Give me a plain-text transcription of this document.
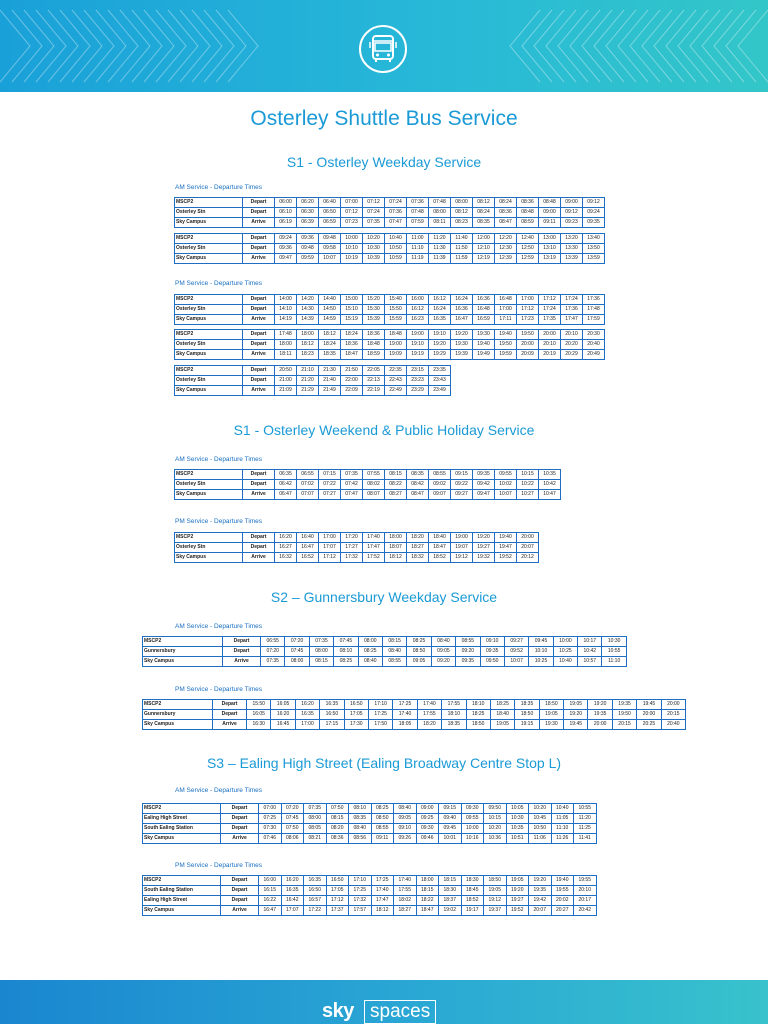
Osterley Shuttle Bus Service
S1 - Osterley Weekday Service
AM Service - Departure Times
MSCP2	Depart	06:00	06:20	06:40	07:00	07:12	07:24	07:36	07:48	08:00	08:12	08:24	08:36	08:48	09:00	09:12
Osterley Stn	Depart	06:10	06:30	06:50	07:12	07:24	07:36	07:48	08:00	08:12	08:24	08:36	08:48	09:00	09:12	09:24
Sky Campus	Arrive	06:19	06:39	06:59	07:23	07:35	07:47	07:59	08:11	08:23	08:35	08:47	08:59	09:11	09:23	09:35
MSCP2	Depart	09:24	09:36	09:48	10:00	10:20	10:40	11:00	11:20	11:40	12:00	12:20	12:40	13:00	13:20	13:40
Osterley Stn	Depart	09:36	09:48	09:58	10:10	10:30	10:50	11:10	11:30	11:50	12:10	12:30	12:50	13:10	13:30	13:50
Sky Campus	Arrive	09:47	09:59	10:07	10:19	10:39	10:59	11:19	11:39	11:59	12:19	12:39	12:59	13:19	13:39	13:59
PM Service - Departure Times
MSCP2	Depart	14:00	14:20	14:40	15:00	15:20	15:40	16:00	16:12	16:24	16:36	16:48	17:00	17:12	17:24	17:36
Osterley Stn	Depart	14:10	14:30	14:50	15:10	15:30	15:50	16:12	16:24	16:36	16:48	17:00	17:12	17:24	17:36	17:48
Sky Campus	Arrive	14:19	14:39	14:59	15:19	15:39	15:59	16:23	16:35	16:47	16:59	17:11	17:23	17:35	17:47	17:59
MSCP2	Depart	17:48	18:00	18:12	18:24	18:36	18:48	19:00	19:10	19:20	19:30	19:40	19:50	20:00	20:10	20:30
Osterley Stn	Depart	18:00	18:12	18:24	18:36	18:48	19:00	19:10	19:20	19:30	19:40	19:50	20:00	20:10	20:20	20:40
Sky Campus	Arrive	18:11	18:23	18:35	18:47	18:59	19:09	19:19	19:29	19:39	19:49	19:59	20:09	20:19	20:29	20:49
MSCP2	Depart	20:50	21:10	21:30	21:50	22:05	22:35	23:15	23:35
Osterley Stn	Depart	21:00	21:20	21:40	22:00	22:13	22:43	23:23	23:43
Sky Campus	Arrive	21:09	21:29	21:49	22:09	22:19	22:49	23:29	23:49
S1 - Osterley Weekend & Public Holiday Service
AM Service - Departure Times
MSCP2	Depart	06:35	06:55	07:15	07:35	07:55	08:15	08:35	08:55	09:15	09:35	09:55	10:15	10:35
Osterley Stn	Depart	06:42	07:02	07:22	07:42	08:02	08:22	08:42	09:02	09:22	09:42	10:02	10:22	10:42
Sky Campus	Arrive	06:47	07:07	07:27	07:47	08:07	08:27	08:47	09:07	09:27	09:47	10:07	10:27	10:47
PM Service - Departure Times
MSCP2	Depart	16:20	16:40	17:00	17:20	17:40	18:00	18:20	18:40	19:00	19:20	19:40	20:00
Osterley Stn	Depart	16:27	16:47	17:07	17:27	17:47	18:07	18:27	18:47	19:07	19:27	19:47	20:07
Sky Campus	Arrive	16:32	16:52	17:12	17:32	17:52	18:12	18:32	18:52	19:12	19:32	19:52	20:12
S2 – Gunnersbury Weekday Service
AM Service - Departure Times
MSCP2	Depart	06:55	07:20	07:35	07:45	08:00	08:15	08:25	08:40	08:55	09:10	09:27	09:45	10:00	10:17	10:30
Gunnersbury	Depart	07:20	07:45	08:00	08:10	08:25	08:40	08:50	09:05	09:20	09:35	09:52	10:10	10:25	10:42	10:55
Sky Campus	Arrive	07:35	08:00	08:15	08:25	08:40	08:55	09:05	09:20	09:35	09:50	10:07	10:25	10:40	10:57	11:10
PM Service - Departure Times
MSCP2	Depart	15:50	16:05	16:20	16:35	16:50	17:10	17:25	17:40	17:55	18:10	18:25	18:35	18:50	19:05	19:20	19:35	19:45	20:00
Gunnersbury	Depart	16:05	16:20	16:35	16:50	17:05	17:25	17:40	17:55	18:10	18:25	18:40	18:50	19:05	19:20	19:35	19:50	20:00	20:15
Sky Campus	Arrive	16:30	16:45	17:00	17:15	17:30	17:50	18:05	18:20	18:35	18:50	19:05	19:15	19:30	19:45	20:00	20:15	20:25	20:40
S3 – Ealing High Street (Ealing Broadway Centre Stop L)
AM Service - Departure Times
MSCP2	Depart	07:00	07:20	07:35	07:50	08:10	08:25	08:40	09:00	09:15	09:30	09:50	10:05	10:20	10:40	10:55
Ealing High Street	Depart	07:25	07:45	08:00	08:15	08:35	08:50	09:05	09:25	09:40	09:55	10:15	10:30	10:45	11:05	11:20
South Ealing Station	Depart	07:30	07:50	08:05	08:20	08:40	08:55	09:10	09:30	09:45	10:00	10:20	10:35	10:50	11:10	11:25
Sky Campus	Arrive	07:46	08:06	08:21	08:36	08:56	09:11	09:26	09:46	10:01	10:16	10:36	10:51	11:06	11:26	11:41
PM Service - Departure Times
MSCP2	Depart	16:00	16:20	16:35	16:50	17:10	17:25	17:40	18:00	18:15	18:30	18:50	19:05	19:20	19:40	19:55
South Ealing Station	Depart	16:15	16:35	16:50	17:05	17:25	17:40	17:55	18:15	18:30	18:45	19:05	19:20	19:35	19:55	20:10
Ealing High Street	Depart	16:22	16:42	16:57	17:12	17:32	17:47	18:02	18:22	18:37	18:52	19:12	19:27	19:42	20:02	20:17
Sky Campus	Arrive	16:47	17:07	17:22	17:37	17:57	18:12	18:27	18:47	19:02	19:17	19:37	19:52	20:07	20:27	20:42
sky spaces
